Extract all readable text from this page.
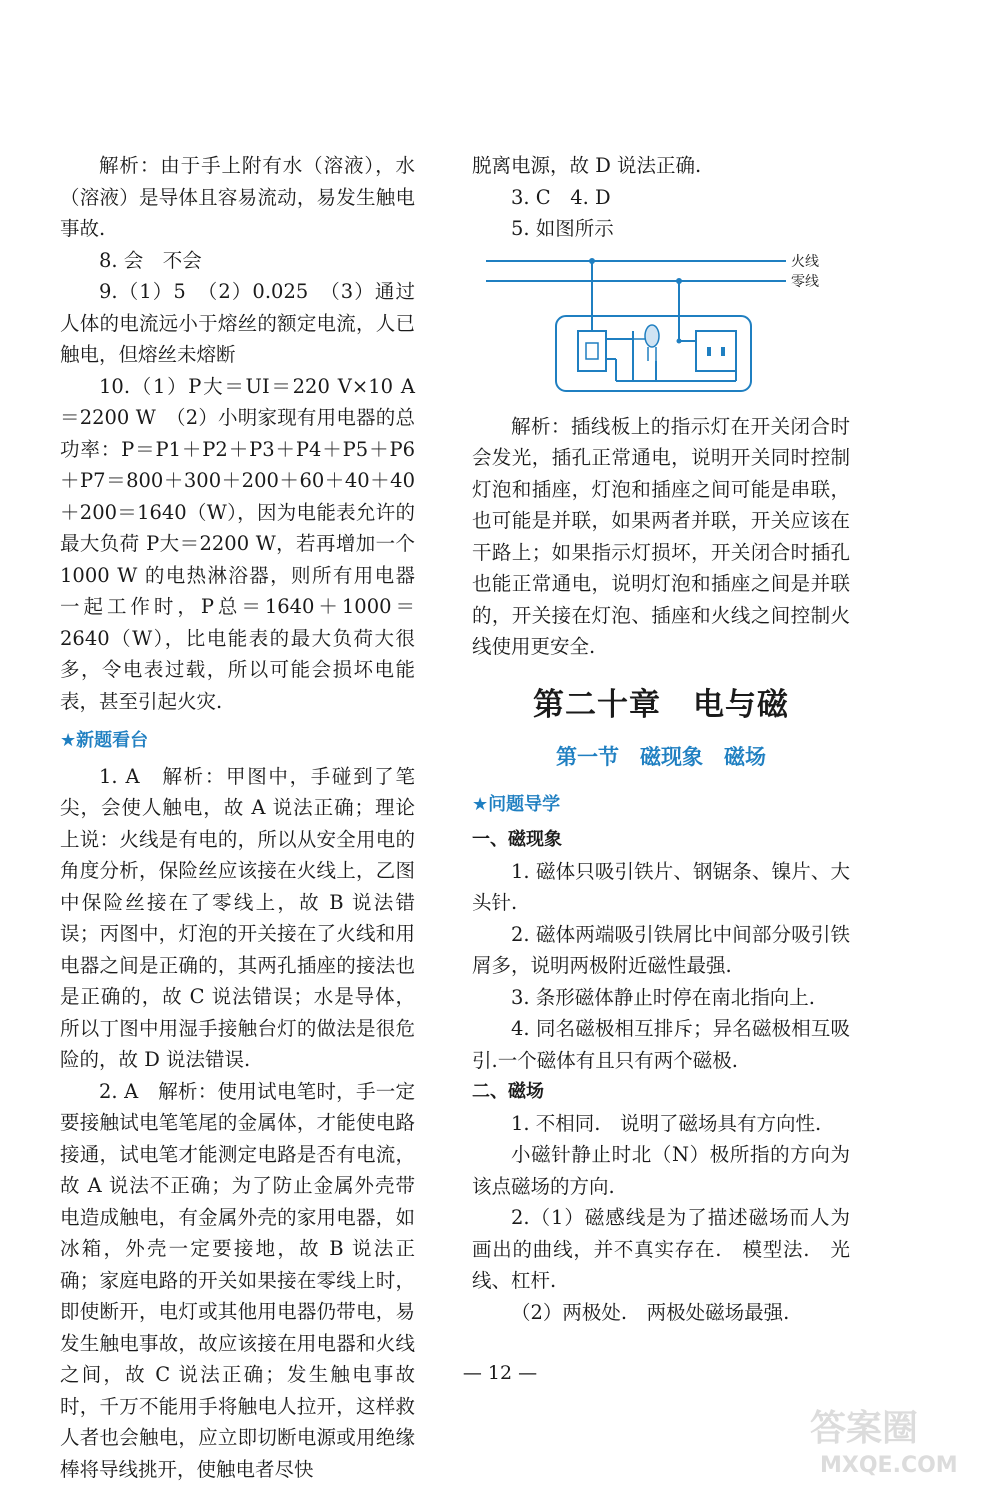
解析：由于手上附有水（溶液），水（溶液）是导体且容易流动，易发生触电事故.

8. 会　不会

9.（1）5　（2）0.025　（3）通过人体的电流远小于熔丝的额定电流，人已触电，但熔丝未熔断

10.（1）P大＝UI＝220 V×10 A＝2200 W　（2）小明家现有用电器的总功率：P＝P1＋P2＋P3＋P4＋P5＋P6＋P7＝800＋300＋200＋60＋40＋40＋200＝1640（W），因为电能表允许的最大负荷 P大＝2200 W，若再增加一个 1000 W 的电热淋浴器，则所有用电器一起工作时，P总＝1640＋1000＝2640（W），比电能表的最大负荷大很多，令电表过载，所以可能会损坏电能表，甚至引起火灾.

★新题看台

1. A　解析：甲图中，手碰到了笔尖，会使人触电，故 A 说法正确；理论上说：火线是有电的，所以从安全用电的角度分析，保险丝应该接在火线上，乙图中保险丝接在了零线上，故 B 说法错误；丙图中，灯泡的开关接在了火线和用电器之间是正确的，其两孔插座的接法也是正确的，故 C 说法错误；水是导体，所以丁图中用湿手接触台灯的做法是很危险的，故 D 说法错误.

2. A　解析：使用试电笔时，手一定要接触试电笔笔尾的金属体，才能使电路接通，试电笔才能测定电路是否有电流，故 A 说法不正确；为了防止金属外壳带电造成触电，有金属外壳的家用电器，如冰箱，外壳一定要接地，故 B 说法正确；家庭电路的开关如果接在零线上时，即使断开，电灯或其他用电器仍带电，易发生触电事故，故应该接在用电器和火线之间，故 C 说法正确；发生触电事故时，千万不能用手将触电人拉开，这样救人者也会触电，应立即切断电源或用绝缘棒将导线挑开，使触电者尽快

脱离电源，故 D 说法正确.

3. C　4. D

5. 如图所示

火线
零线

解析：插线板上的指示灯在开关闭合时会发光，插孔正常通电，说明开关同时控制灯泡和插座，灯泡和插座之间可能是串联，也可能是并联，如果两者并联，开关应该在干路上；如果指示灯损坏，开关闭合时插孔也能正常通电，说明灯泡和插座之间是并联的，开关接在灯泡、插座和火线之间控制火线使用更安全.

第二十章　电与磁

第一节　磁现象　磁场

★问题导学

一、磁现象

1. 磁体只吸引铁片、钢锯条、镍片、大头针.

2. 磁体两端吸引铁屑比中间部分吸引铁屑多，说明两极附近磁性最强.

3. 条形磁体静止时停在南北指向上.

4. 同名磁极相互排斥；异名磁极相互吸引.一个磁体有且只有两个磁极.

二、磁场

1. 不相同.　说明了磁场具有方向性.

小磁针静止时北（N）极所指的方向为该点磁场的方向.

2.（1）磁感线是为了描述磁场而人为画出的曲线，并不真实存在.　模型法.　光线、杠杆.

（2）两极处.　两极处磁场最强.

— 12 —
答案圈
MXQE.COM
